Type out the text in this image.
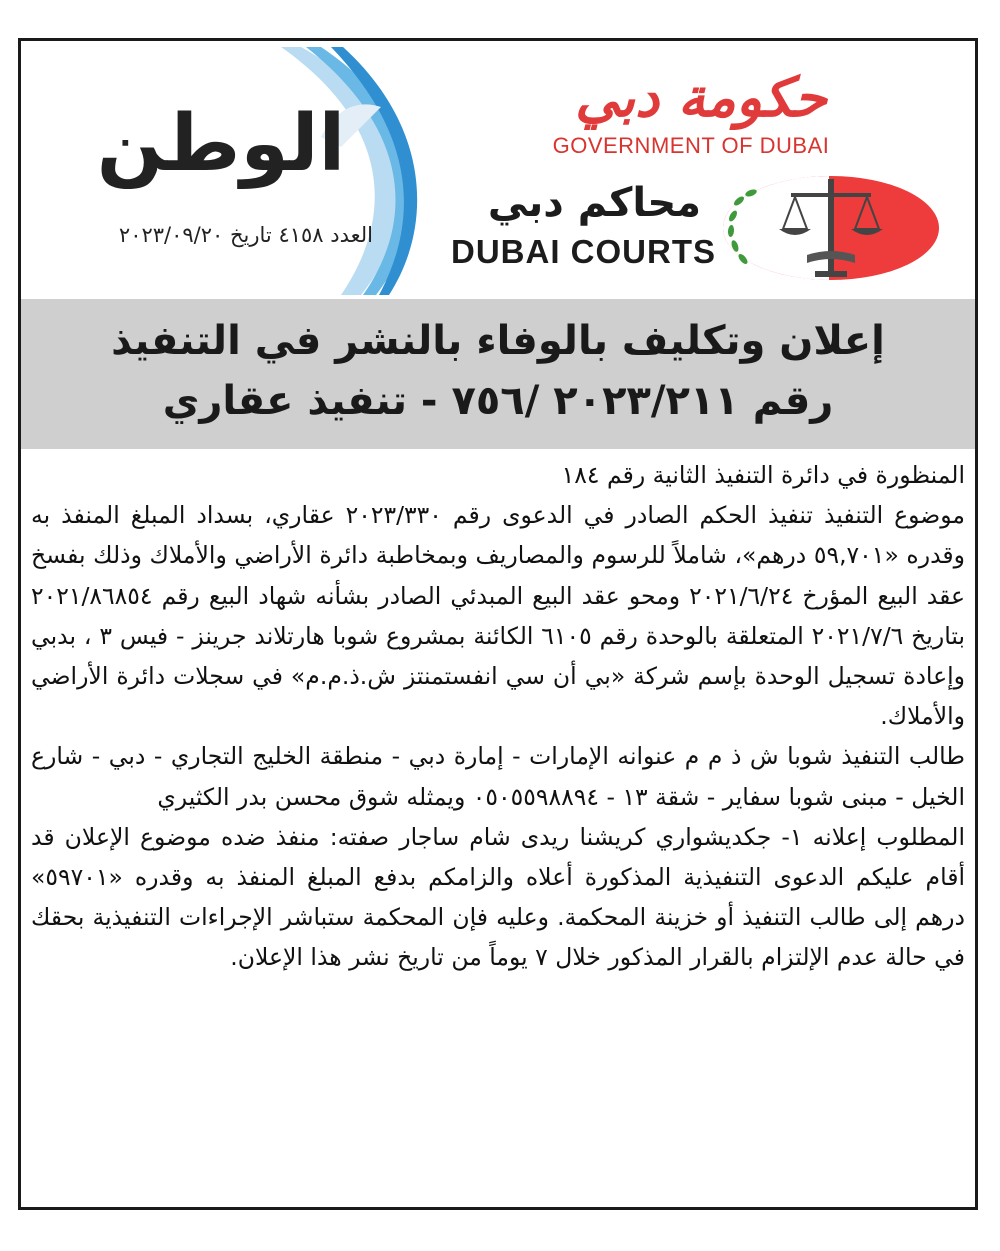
الوطن
العدد ٤١٥٨ تاريخ ٢٠٢٣/٠٩/٢٠
حكومة دبي
GOVERNMENT OF DUBAI
محاكم دبي
DUBAI COURTS
إعلان وتكليف بالوفاء بالنشر في التنفيذ
رقم ٢٠٢٣/٢١١ /٧٥٦ - تنفيذ عقاري

المنظورة في دائرة التنفيذ الثانية رقم ١٨٤

موضوع التنفيذ تنفيذ الحكم الصادر في الدعوى رقم ٢٠٢٣/٣٣٠ عقاري، بسداد المبلغ المنفذ به وقدره «٥٩,٧٠١ درهم»، شاملاً للرسوم والمصاريف وبمخاطبة دائرة الأراضي والأملاك وذلك بفسخ عقد البيع المؤرخ ٢٠٢١/٦/٢٤ ومحو عقد البيع المبدئي الصادر بشأنه شهاد البيع رقم ٢٠٢١/٨٦٨٥٤ بتاريخ ٢٠٢١/٧/٦ المتعلقة بالوحدة رقم ٦١٠٥ الكائنة بمشروع شوبا هارتلاند جرينز - فيس ٣ ، بدبي وإعادة تسجيل الوحدة بإسم شركة «بي أن سي انفستمنتز ش.ذ.م.م» في سجلات دائرة الأراضي والأملاك.

طالب التنفيذ شوبا ش ذ م م عنوانه الإمارات - إمارة دبي - منطقة الخليج التجاري - دبي - شارع الخيل - مبنى شوبا سفاير - شقة ١٣ - ٠٥٠٥٥٩٨٨٩٤ ويمثله شوق محسن بدر الكثيري

المطلوب إعلانه ١- جكديشواري كريشنا ريدى شام ساجار صفته: منفذ ضده موضوع الإعلان قد أقام عليكم الدعوى التنفيذية المذكورة أعلاه والزامكم بدفع المبلغ المنفذ به وقدره «٥٩٧٠١» درهم إلى طالب التنفيذ أو خزينة المحكمة. وعليه فإن المحكمة ستباشر الإجراءات التنفيذية بحقك في حالة عدم الإلتزام بالقرار المذكور خلال ٧ يوماً من تاريخ نشر هذا الإعلان.
